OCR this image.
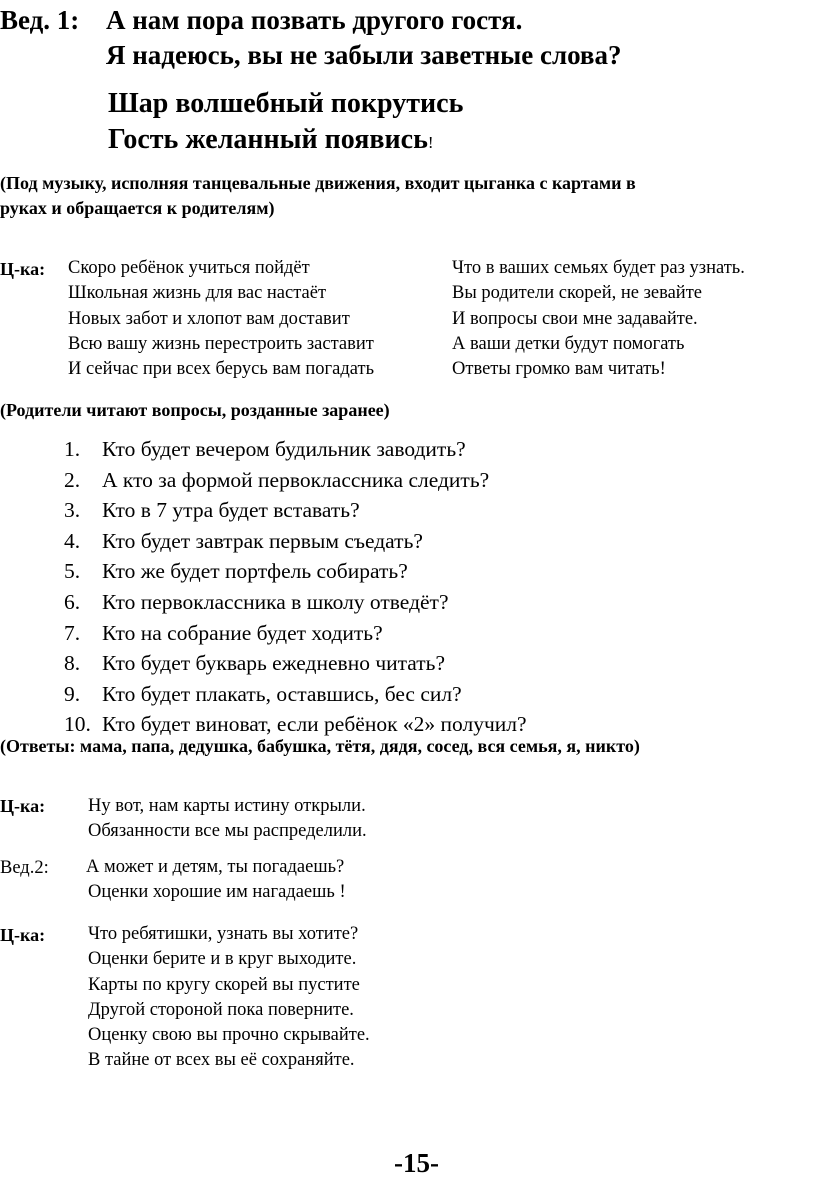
Вед. 1: А нам пора позвать другого гостя.
Я надеюсь, вы не забыли заветные слова?
Шар волшебный покрутись
Гость желанный появись!
(Под музыку, исполняя танцевальные движения, входит цыганка с картами в
руках и обращается к родителям)
Ц-ка: Скоро ребёнок учиться пойдёт
Школьная жизнь для вас настаёт
Новых забот и хлопот вам доставит
Всю вашу жизнь перестроить заставит
И сейчас при всех берусь вам погадать
Что в ваших семьях будет раз узнать.
Вы родители скорей, не зевайте
И вопросы свои мне задавайте.
А ваши детки будут помогать
Ответы громко вам читать!
(Родители читают вопросы, розданные заранее)
1. Кто будет вечером будильник заводить?
2. А кто за формой первоклассника следить?
3. Кто в 7 утра будет вставать?
4. Кто будет завтрак первым съедать?
5. Кто же будет портфель собирать?
6. Кто первоклассника в школу отведёт?
7. Кто на собрание будет ходить?
8. Кто будет букварь ежедневно читать?
9. Кто будет плакать, оставшись, бес сил?
10. Кто будет виноват, если ребёнок «2» получил?
(Ответы: мама, папа, дедушка, бабушка, тётя, дядя, сосед, вся семья, я, никто)
Ц-ка: Ну вот, нам карты истину открыли.
Обязанности все мы распределили.
Вед.2: А может и детям, ты погадаешь?
Оценки хорошие им нагадаешь !
Ц-ка: Что ребятишки, узнать вы хотите?
Оценки берите и в круг выходите.
Карты по кругу скорей вы пустите
Другой стороной пока поверните.
Оценку свою вы прочно скрывайте.
В тайне от всех вы её сохраняйте.
-15-
